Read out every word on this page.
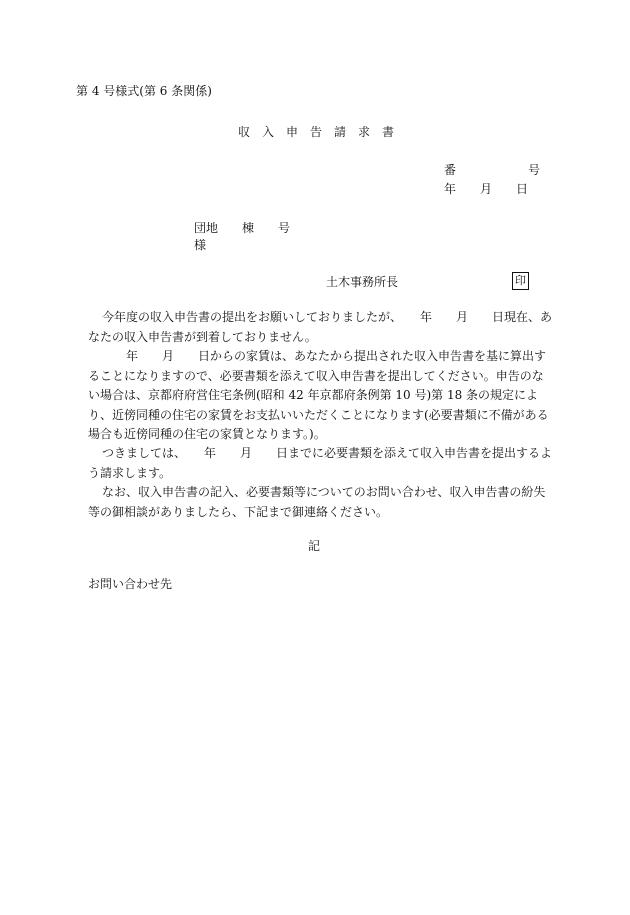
第 4 号様式(第 6 条関係)
収　入　申　告　請　求　書
番　　　　　　号
年　　月　　日
団地　　棟　　号
様
土木事務所長	印
今年度の収入申告書の提出をお願いしておりましたが、　　年　　月　　日現在、あなたの収入申告書が到着しておりません。
　　年　　月　　日からの家賃は、あなたから提出された収入申告書を基に算出することになりますので、必要書類を添えて収入申告書を提出してください。申告のない場合は、京都府府営住宅条例(昭和 42 年京都府条例第 10 号)第 18 条の規定により、近傍同種の住宅の家賃をお支払いいただくことになります(必要書類に不備がある場合も近傍同種の住宅の家賃となります。)。
つきましては、　　年　　月　　日までに必要書類を添えて収入申告書を提出するよう請求します。
なお、収入申告書の記入、必要書類等についてのお問い合わせ、収入申告書の紛失等の御相談がありましたら、下記まで御連絡ください。
記
お問い合わせ先
